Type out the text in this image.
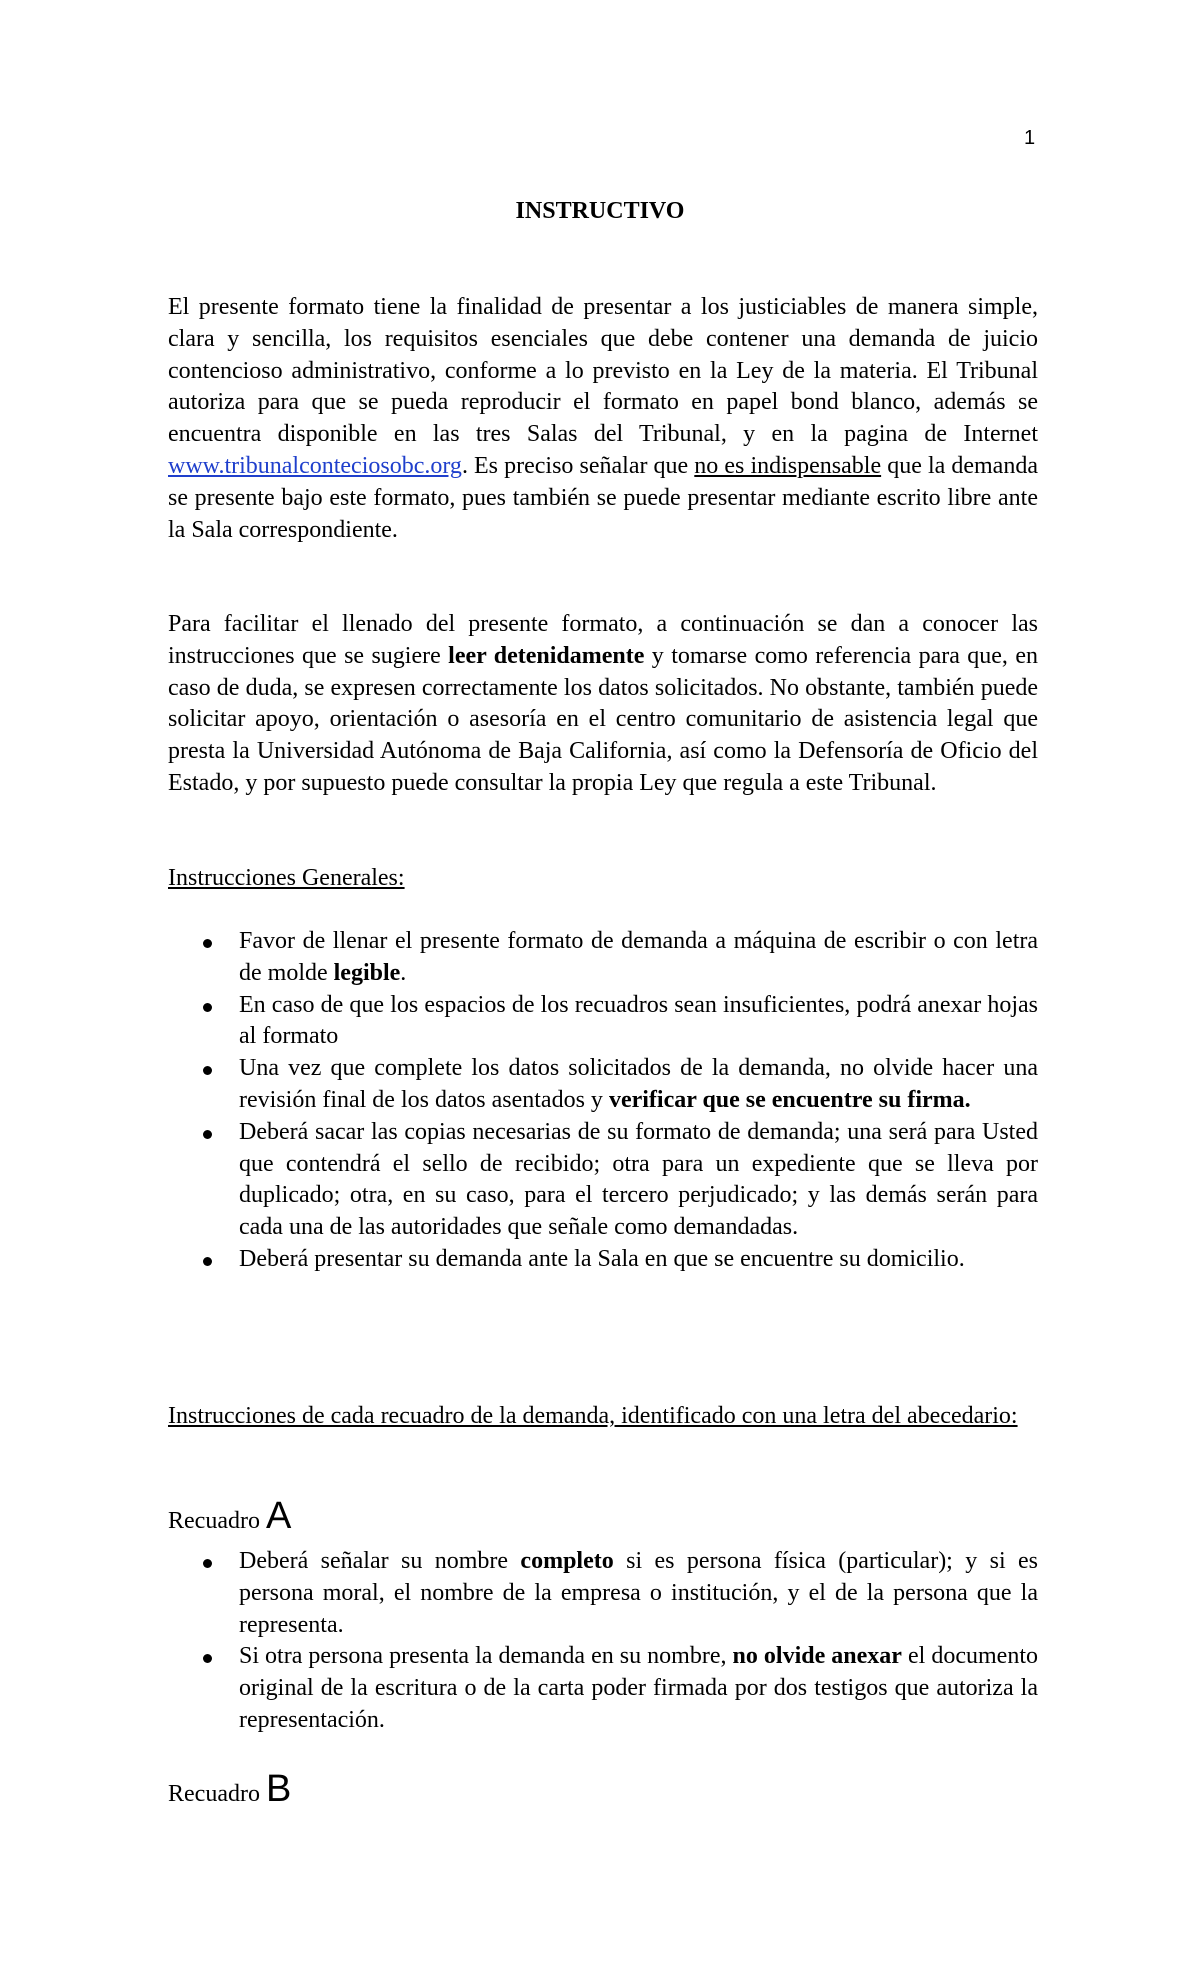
1
INSTRUCTIVO
El presente formato tiene la finalidad de presentar a los justiciables de manera simple, clara y sencilla, los requisitos esenciales que debe contener una demanda de juicio contencioso administrativo, conforme a lo previsto en la Ley de la materia. El Tribunal autoriza para que se pueda reproducir el formato en papel bond blanco, además se encuentra disponible en las tres Salas del Tribunal, y en la pagina de Internet www.tribunalconteciosobc.org. Es preciso señalar que no es indispensable que la demanda se presente bajo este formato, pues también se puede presentar mediante escrito libre ante la Sala correspondiente.
Para facilitar el llenado del presente formato, a continuación se dan a conocer las instrucciones que se sugiere leer detenidamente y tomarse como referencia para que, en caso de duda, se expresen correctamente los datos solicitados. No obstante, también puede solicitar apoyo, orientación o asesoría en el centro comunitario de asistencia legal que presta la Universidad Autónoma de Baja California, así como la Defensoría de Oficio del Estado, y por supuesto puede consultar la propia Ley que regula a este Tribunal.
Instrucciones Generales:
Favor de llenar el presente formato de demanda a máquina de escribir o con letra de molde legible.
En caso de que los espacios de los recuadros sean insuficientes, podrá anexar hojas al formato
Una vez que complete los datos solicitados de la demanda, no olvide hacer una revisión final de los datos asentados y verificar que se encuentre su firma.
Deberá sacar las copias necesarias de su formato de demanda; una será para Usted que contendrá el sello de recibido; otra para un expediente que se lleva por duplicado; otra, en su caso, para el tercero perjudicado; y las demás serán para cada una de las autoridades que señale como demandadas.
Deberá presentar su demanda ante la Sala en que se encuentre su domicilio.
Instrucciones de cada recuadro de la demanda, identificado con una letra del abecedario:
Recuadro A
Deberá señalar su nombre completo si es persona física (particular); y si es persona moral, el nombre de la empresa o institución, y el de la persona que la representa.
Si otra persona presenta la demanda en su nombre, no olvide anexar el documento original de la escritura o de la carta poder firmada por dos testigos que autoriza la representación.
Recuadro B
